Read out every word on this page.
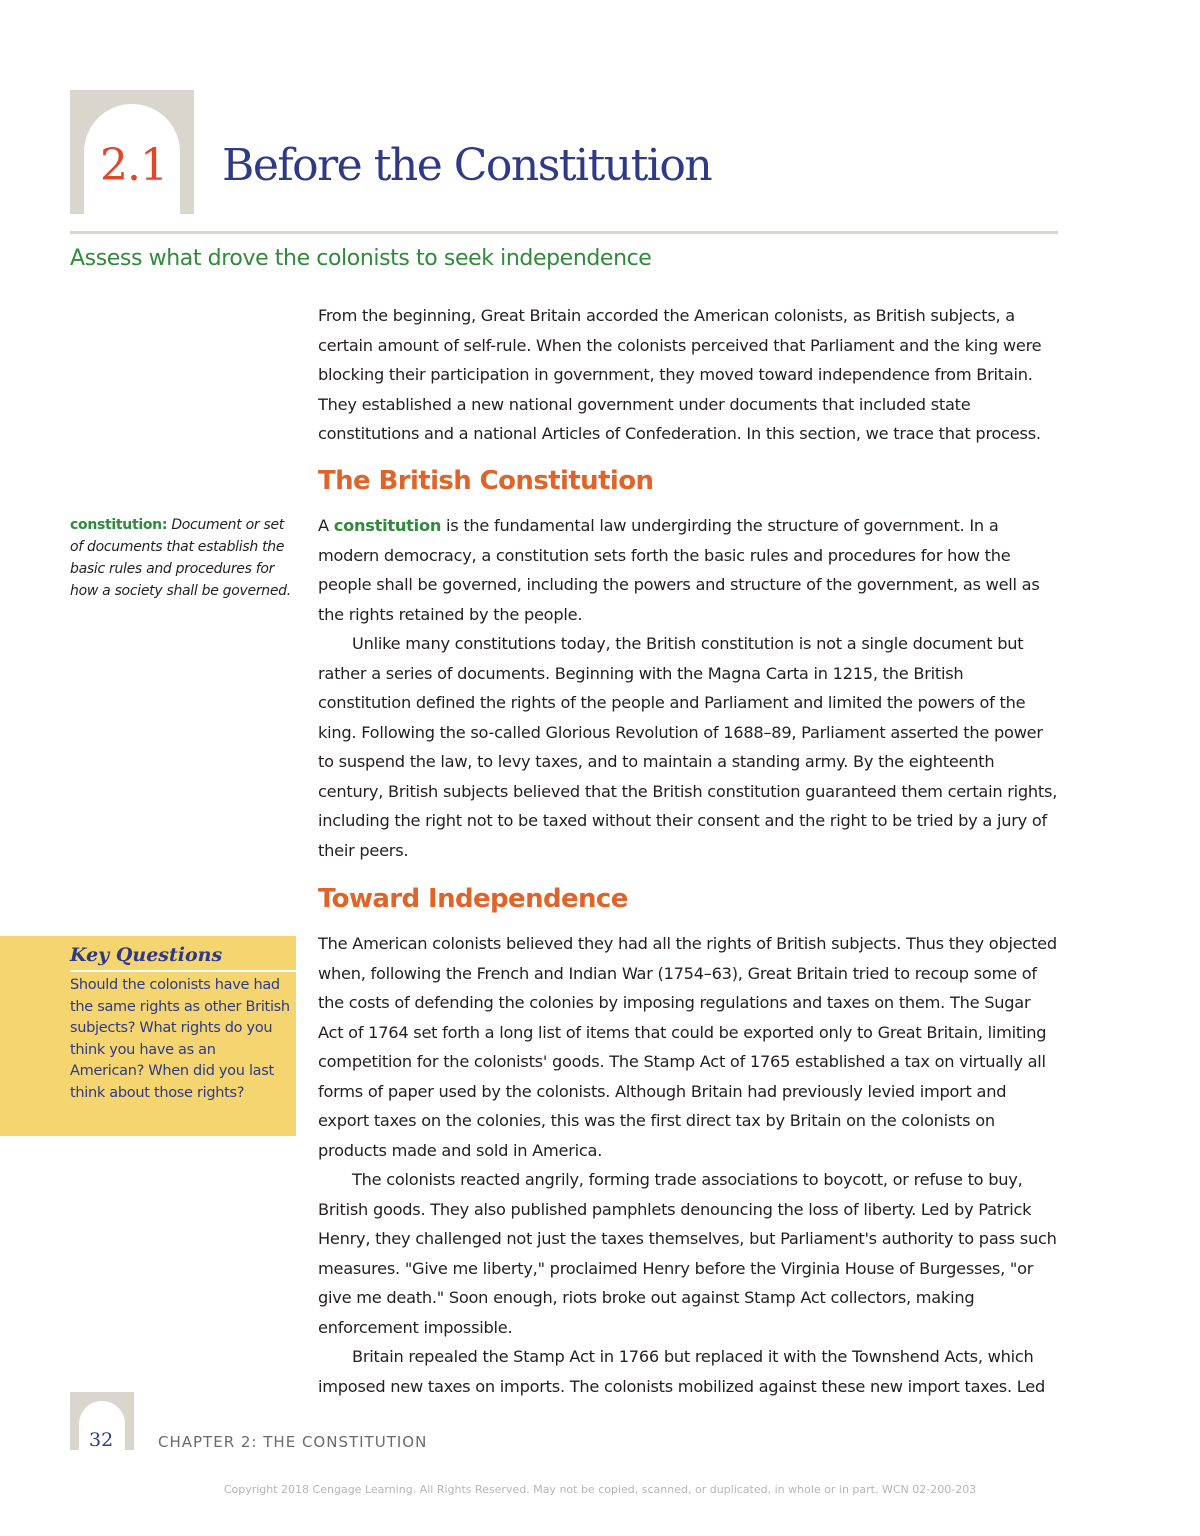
2.1 Before the Constitution
Assess what drove the colonists to seek independence

From the beginning, Great Britain accorded the American colonists, as British subjects, a certain amount of self-rule. When the colonists perceived that Parliament and the king were blocking their participation in government, they moved toward independence from Britain. They established a new national government under documents that included state constitutions and a national Articles of Confederation. In this section, we trace that process.

The British Constitution

A constitution is the fundamental law undergirding the structure of government. In a modern democracy, a constitution sets forth the basic rules and procedures for how the people shall be governed, including the powers and structure of the government, as well as the rights retained by the people.

Unlike many constitutions today, the British constitution is not a single document but rather a series of documents. Beginning with the Magna Carta in 1215, the British constitution defined the rights of the people and Parliament and limited the powers of the king. Following the so-called Glorious Revolution of 1688–89, Parliament asserted the power to suspend the law, to levy taxes, and to maintain a standing army. By the eighteenth century, British subjects believed that the British constitution guaranteed them certain rights, including the right not to be taxed without their consent and the right to be tried by a jury of their peers.

constitution: Document or set of documents that establish the basic rules and procedures for how a society shall be governed.
Toward Independence

The American colonists believed they had all the rights of British subjects. Thus they objected when, following the French and Indian War (1754–63), Great Britain tried to recoup some of the costs of defending the colonies by imposing regulations and taxes on them. The Sugar Act of 1764 set forth a long list of items that could be exported only to Great Britain, limiting competition for the colonists' goods. The Stamp Act of 1765 established a tax on virtually all forms of paper used by the colonists. Although Britain had previously levied import and export taxes on the colonies, this was the first direct tax by Britain on the colonists on products made and sold in America.

The colonists reacted angrily, forming trade associations to boycott, or refuse to buy, British goods. They also published pamphlets denouncing the loss of liberty. Led by Patrick Henry, they challenged not just the taxes themselves, but Parliament's authority to pass such measures. "Give me liberty," proclaimed Henry before the Virginia House of Burgesses, "or give me death." Soon enough, riots broke out against Stamp Act collectors, making enforcement impossible.

Britain repealed the Stamp Act in 1766 but replaced it with the Townshend Acts, which imposed new taxes on imports. The colonists mobilized against these new import taxes. Led

Key Questions
Should the colonists have had the same rights as other British subjects? What rights do you think you have as an American? When did you last think about those rights?
32	CHAPTER 2: THE CONSTITUTION
Copyright 2018 Cengage Learning. All Rights Reserved. May not be copied, scanned, or duplicated, in whole or in part. WCN 02-200-203
